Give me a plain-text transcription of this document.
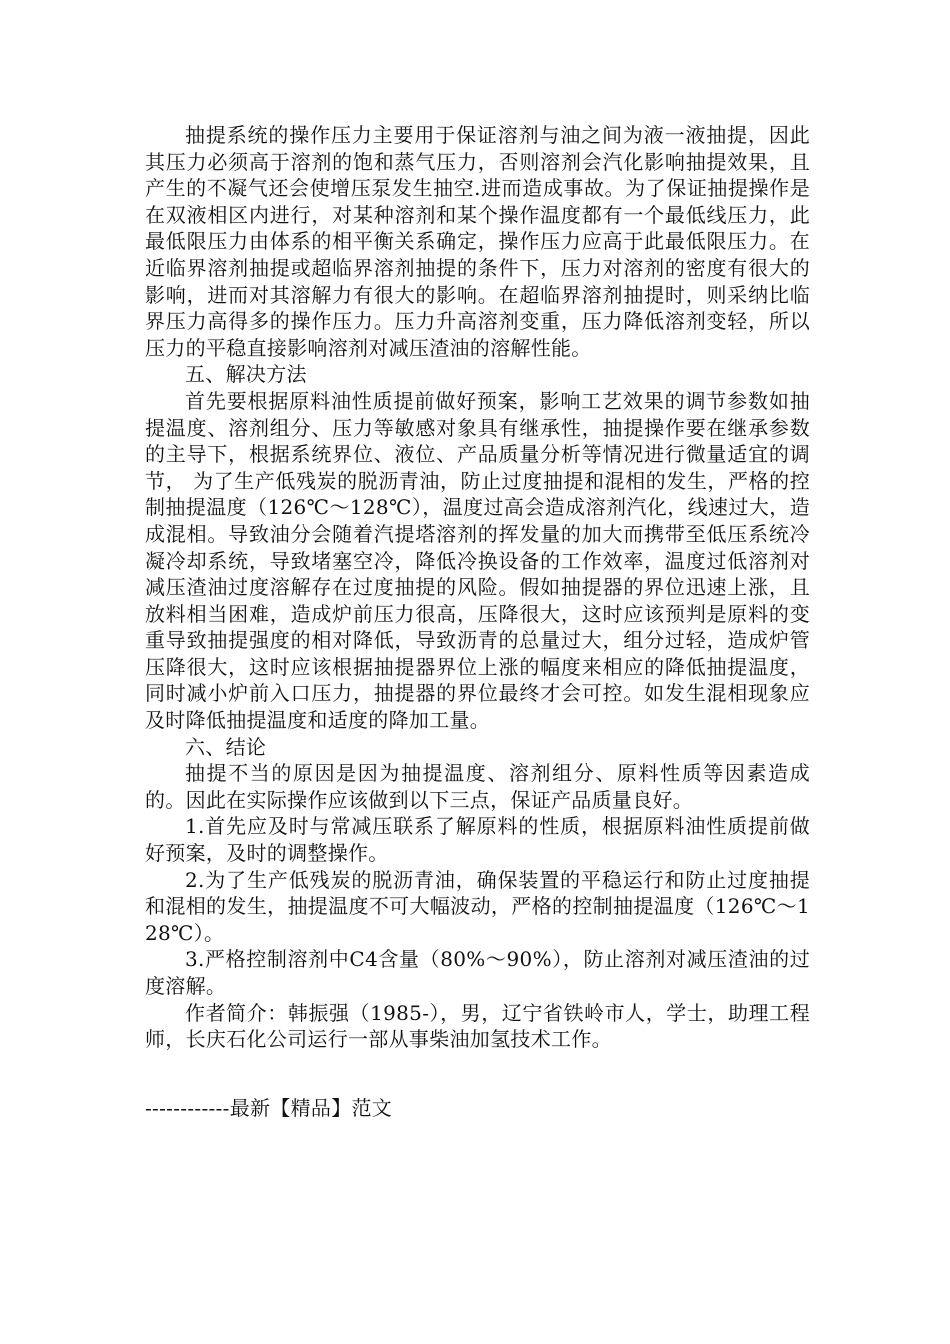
抽提系统的操作压力主要用于保证溶剂与油之间为液一液抽提，因此其压力必须高于溶剂的饱和蒸气压力，否则溶剂会汽化影响抽提效果，且产生的不凝气还会使增压泵发生抽空.进而造成事故。为了保证抽提操作是在双液相区内进行，对某种溶剂和某个操作温度都有一个最低线压力，此最低限压力由体系的相平衡关系确定，操作压力应高于此最低限压力。在近临界溶剂抽提或超临界溶剂抽提的条件下，压力对溶剂的密度有很大的影响，进而对其溶解力有很大的影响。在超临界溶剂抽提时，则采纳比临界压力高得多的操作压力。压力升高溶剂变重，压力降低溶剂变轻，所以压力的平稳直接影响溶剂对减压渣油的溶解性能。

五、解决方法

首先要根据原料油性质提前做好预案，影响工艺效果的调节参数如抽提温度、溶剂组分、压力等敏感对象具有继承性，抽提操作要在继承参数的主导下，根据系统界位、液位、产品质量分析等情况进行微量适宜的调节， 为了生产低残炭的脱沥青油，防止过度抽提和混相的发生，严格的控制抽提温度（126℃～128℃），温度过高会造成溶剂汽化，线速过大，造成混相。导致油分会随着汽提塔溶剂的挥发量的加大而携带至低压系统冷凝冷却系统，导致堵塞空冷，降低冷换设备的工作效率，温度过低溶剂对减压渣油过度溶解存在过度抽提的风险。假如抽提器的界位迅速上涨，且放料相当困难，造成炉前压力很高，压降很大，这时应该预判是原料的变重导致抽提强度的相对降低，导致沥青的总量过大，组分过轻，造成炉管压降很大，这时应该根据抽提器界位上涨的幅度来相应的降低抽提温度，同时减小炉前入口压力，抽提器的界位最终才会可控。如发生混相现象应及时降低抽提温度和适度的降加工量。

六、结论

抽提不当的原因是因为抽提温度、溶剂组分、原料性质等因素造成的。因此在实际操作应该做到以下三点，保证产品质量良好。

1.首先应及时与常减压联系了解原料的性质，根据原料油性质提前做好预案，及时的调整操作。

2.为了生产低残炭的脱沥青油，确保装置的平稳运行和防止过度抽提和混相的发生，抽提温度不可大幅波动，严格的控制抽提温度（126℃～128℃）。

3.严格控制溶剂中C4含量（80%～90%），防止溶剂对减压渣油的过度溶解。

作者简介：韩振强（1985-），男，辽宁省铁岭市人，学士，助理工程师，长庆石化公司运行一部从事柴油加氢技术工作。

------------最新【精品】范文
